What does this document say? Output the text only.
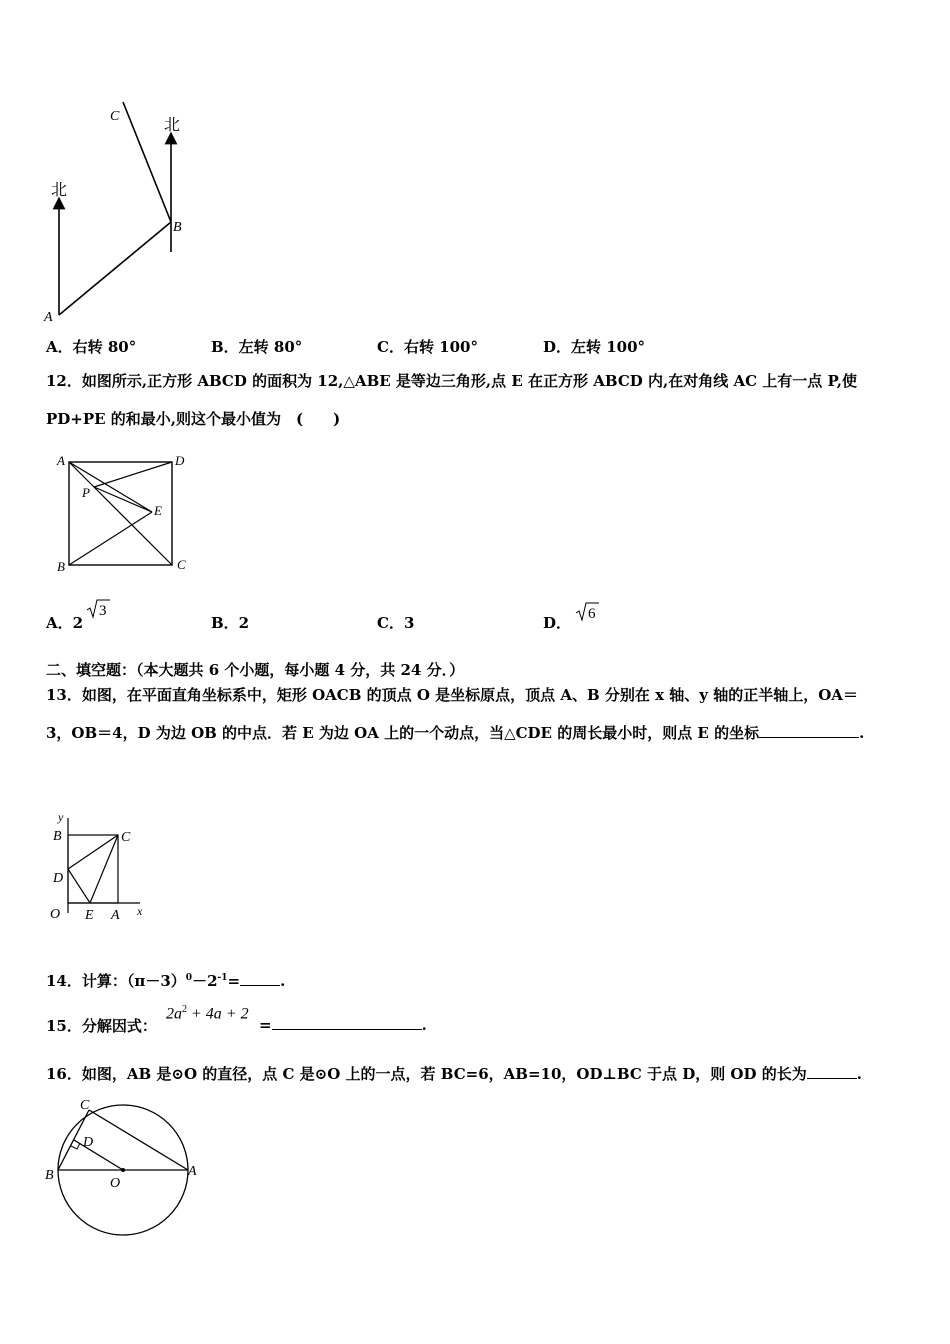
北
北
A
B
C
A．右转 80°	B．左转 80°	C．右转 100°	D．左转 100°
12．如图所示,正方形 ABCD 的面积为 12,△ABE 是等边三角形,点 E 在正方形 ABCD 内,在对角线 AC 上有一点 P,使
PD+PE 的和最小,则这个最小值为　(　　)
A	D
B	C
E
P
A．2
3
B．2	C．3	D． 6
二、填空题：（本大题共 6 个小题，每小题 4 分，共 24 分．）
13．如图，在平面直角坐标系中，矩形 OACB 的顶点 O 是坐标原点，顶点 A、B 分别在 x 轴、y 轴的正半轴上，OA＝
3，OB＝4，D 为边 OB 的中点．若 E 为边 OA 上的一个动点，当△CDE 的周长最小时，则点 E 的坐标	.
y
B	C
D
O E A x
14．计算：$(\pi-3)^0-2^{-1}=$	.
15．分解因式：
$2a^2 + 4a + 2$
=	.
16．如图，AB 是⊙O 的直径，点 C 是⊙O 上的一点，若 BC=6，AB=10，OD⊥BC 于点 D，则 OD 的长为	.
C
D
B
O
A
